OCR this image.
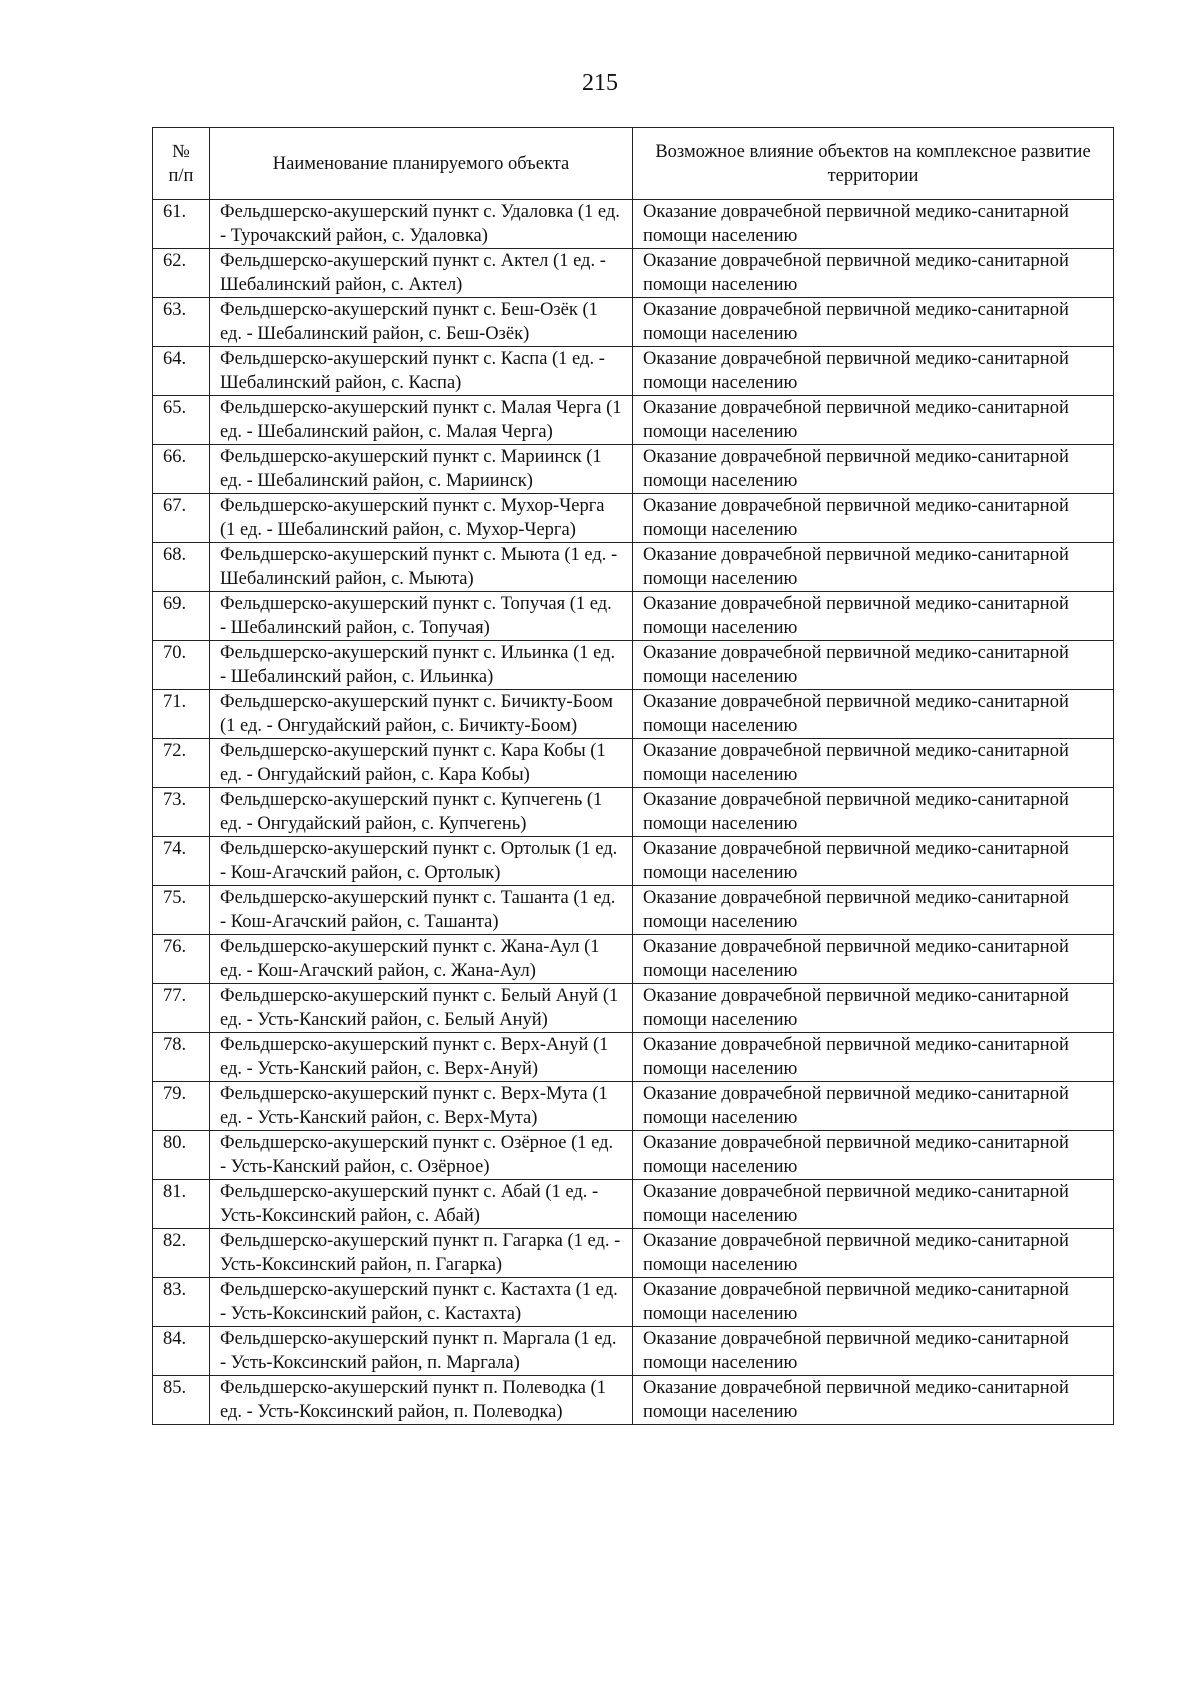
215
№ п/п	Наименование планируемого объекта	Возможное влияние объектов на комплексное развитие территории
61.	Фельдшерско-акушерский пункт с. Удаловка (1 ед. - Турочакский район, с. Удаловка)	Оказание доврачебной первичной медико-санитарной помощи населению
62.	Фельдшерско-акушерский пункт с. Актел (1 ед. - Шебалинский район, с. Актел)	Оказание доврачебной первичной медико-санитарной помощи населению
63.	Фельдшерско-акушерский пункт с. Беш-Озёк (1 ед. - Шебалинский район, с. Беш-Озёк)	Оказание доврачебной первичной медико-санитарной помощи населению
64.	Фельдшерско-акушерский пункт с. Каспа (1 ед. - Шебалинский район, с. Каспа)	Оказание доврачебной первичной медико-санитарной помощи населению
65.	Фельдшерско-акушерский пункт с. Малая Черга (1 ед. - Шебалинский район, с. Малая Черга)	Оказание доврачебной первичной медико-санитарной помощи населению
66.	Фельдшерско-акушерский пункт с. Мариинск (1 ед. - Шебалинский район, с. Мариинск)	Оказание доврачебной первичной медико-санитарной помощи населению
67.	Фельдшерско-акушерский пункт с. Мухор-Черга (1 ед. - Шебалинский район, с. Мухор-Черга)	Оказание доврачебной первичной медико-санитарной помощи населению
68.	Фельдшерско-акушерский пункт с. Мыюта (1 ед. - Шебалинский район, с. Мыюта)	Оказание доврачебной первичной медико-санитарной помощи населению
69.	Фельдшерско-акушерский пункт с. Топучая (1 ед. - Шебалинский район, с. Топучая)	Оказание доврачебной первичной медико-санитарной помощи населению
70.	Фельдшерско-акушерский пункт с. Ильинка (1 ед. - Шебалинский район, с. Ильинка)	Оказание доврачебной первичной медико-санитарной помощи населению
71.	Фельдшерско-акушерский пункт с. Бичикту-Боом (1 ед. - Онгудайский район, с. Бичикту-Боом)	Оказание доврачебной первичной медико-санитарной помощи населению
72.	Фельдшерско-акушерский пункт с. Кара Кобы (1 ед. - Онгудайский район, с. Кара Кобы)	Оказание доврачебной первичной медико-санитарной помощи населению
73.	Фельдшерско-акушерский пункт с. Купчегень (1 ед. - Онгудайский район, с. Купчегень)	Оказание доврачебной первичной медико-санитарной помощи населению
74.	Фельдшерско-акушерский пункт с. Ортолык (1 ед. - Кош-Агачский район, с. Ортолык)	Оказание доврачебной первичной медико-санитарной помощи населению
75.	Фельдшерско-акушерский пункт с. Ташанта (1 ед. - Кош-Агачский район, с. Ташанта)	Оказание доврачебной первичной медико-санитарной помощи населению
76.	Фельдшерско-акушерский пункт с. Жана-Аул (1 ед. - Кош-Агачский район, с. Жана-Аул)	Оказание доврачебной первичной медико-санитарной помощи населению
77.	Фельдшерско-акушерский пункт с. Белый Ануй (1 ед. - Усть-Канский район, с. Белый Ануй)	Оказание доврачебной первичной медико-санитарной помощи населению
78.	Фельдшерско-акушерский пункт с. Верх-Ануй (1 ед. - Усть-Канский район, с. Верх-Ануй)	Оказание доврачебной первичной медико-санитарной помощи населению
79.	Фельдшерско-акушерский пункт с. Верх-Мута (1 ед. - Усть-Канский район, с. Верх-Мута)	Оказание доврачебной первичной медико-санитарной помощи населению
80.	Фельдшерско-акушерский пункт с. Озёрное (1 ед. - Усть-Канский район, с. Озёрное)	Оказание доврачебной первичной медико-санитарной помощи населению
81.	Фельдшерско-акушерский пункт с. Абай (1 ед. - Усть-Коксинский район, с. Абай)	Оказание доврачебной первичной медико-санитарной помощи населению
82.	Фельдшерско-акушерский пункт п. Гагарка (1 ед. - Усть-Коксинский район, п. Гагарка)	Оказание доврачебной первичной медико-санитарной помощи населению
83.	Фельдшерско-акушерский пункт с. Кастахта (1 ед. - Усть-Коксинский район, с. Кастахта)	Оказание доврачебной первичной медико-санитарной помощи населению
84.	Фельдшерско-акушерский пункт п. Маргала (1 ед. - Усть-Коксинский район, п. Маргала)	Оказание доврачебной первичной медико-санитарной помощи населению
85.	Фельдшерско-акушерский пункт п. Полеводка (1 ед. - Усть-Коксинский район, п. Полеводка)	Оказание доврачебной первичной медико-санитарной помощи населению
